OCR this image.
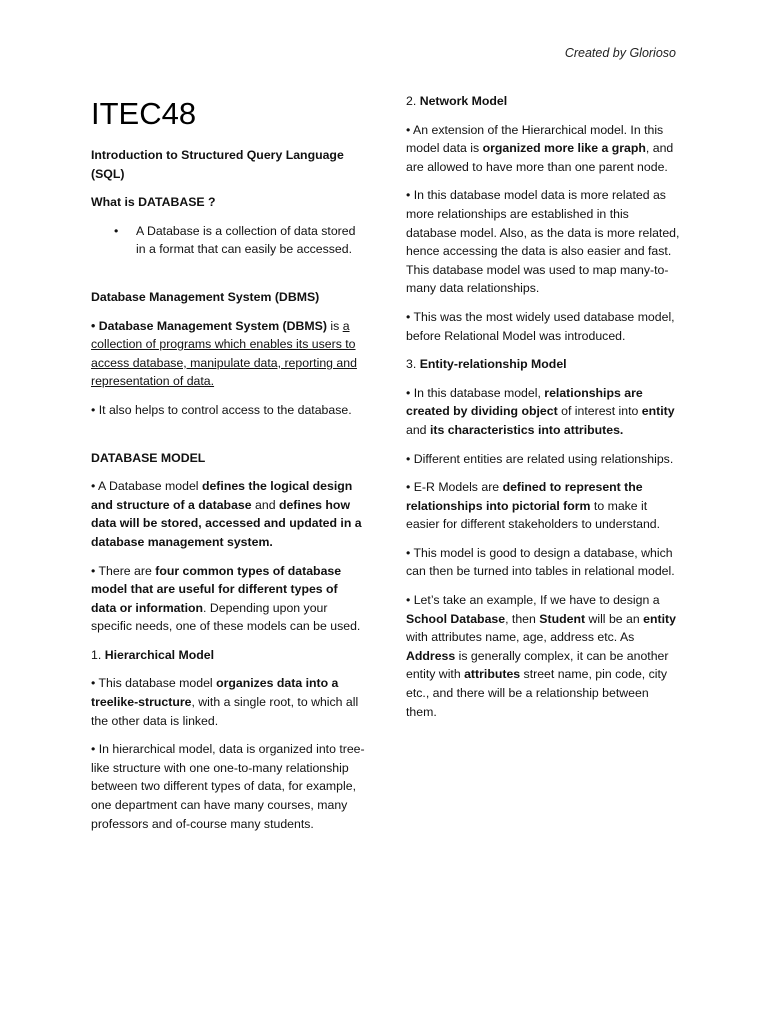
Created by Glorioso
ITEC48

Introduction to Structured Query Language (SQL)

What is DATABASE ?

• A Database is a collection of data stored in a format that can easily be accessed.

Database Management System (DBMS)

• Database Management System (DBMS) is a collection of programs which enables its users to access database, manipulate data, reporting and representation of data.

• It also helps to control access to the database.

DATABASE MODEL

• A Database model defines the logical design and structure of a database and defines how data will be stored, accessed and updated in a database management system.

• There are four common types of database model that are useful for different types of data or information. Depending upon your specific needs, one of these models can be used.

1. Hierarchical Model

• This database model organizes data into a treelike-structure, with a single root, to which all the other data is linked.

• In hierarchical model, data is organized into tree-like structure with one one-to-many relationship between two different types of data, for example, one department can have many courses, many professors and of-course many students.

2. Network Model

• An extension of the Hierarchical model. In this model data is organized more like a graph, and are allowed to have more than one parent node.

• In this database model data is more related as more relationships are established in this database model. Also, as the data is more related, hence accessing the data is also easier and fast. This database model was used to map many-to-many data relationships.

• This was the most widely used database model, before Relational Model was introduced.

3. Entity-relationship Model

• In this database model, relationships are created by dividing object of interest into entity and its characteristics into attributes.

• Different entities are related using relationships.

• E-R Models are defined to represent the relationships into pictorial form to make it easier for different stakeholders to understand.

• This model is good to design a database, which can then be turned into tables in relational model.

• Let’s take an example, If we have to design a School Database, then Student will be an entity with attributes name, age, address etc. As Address is generally complex, it can be another entity with attributes street name, pin code, city etc., and there will be a relationship between them.
